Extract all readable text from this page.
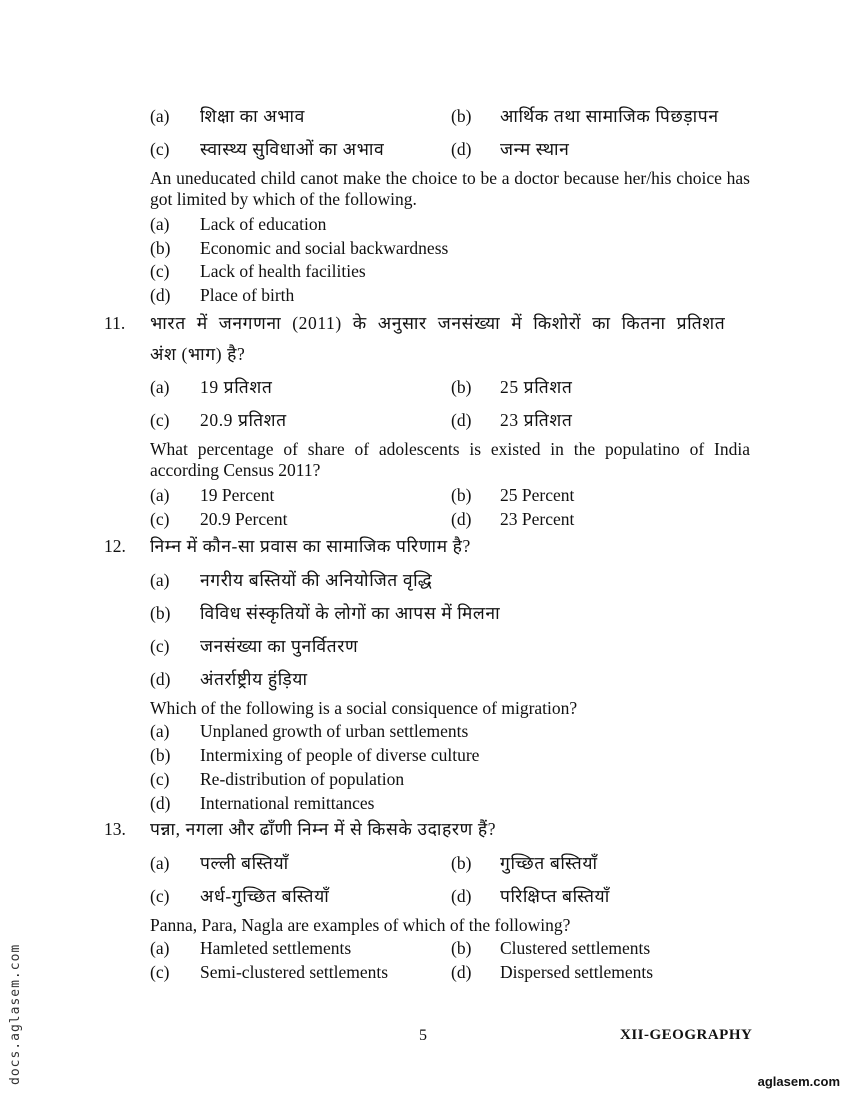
(a) शिक्षा का अभाव	(b) आर्थिक तथा सामाजिक पिछड़ापन
(c) स्वास्थ्य सुविधाओं का अभाव	(d) जन्म स्थान
An uneducated child canot make the choice to be a doctor because her/his choice has got limited by which of the following.
(a) Lack of education
(b) Economic and social backwardness
(c) Lack of health facilities
(d) Place of birth
11. भारत में जनगणना (2011) के अनुसार जनसंख्या में किशोरों का कितना प्रतिशत
अंश (भाग) है?
(a) 19 प्रतिशत	(b) 25 प्रतिशत
(c) 20.9 प्रतिशत	(d) 23 प्रतिशत
What percentage of share of adolescents is existed in the populatino of India according Census 2011?
(a) 19 Percent	(b) 25 Percent
(c) 20.9 Percent	(d) 23 Percent
12. निम्न में कौन-सा प्रवास का सामाजिक परिणाम है?
(a) नगरीय बस्तियों की अनियोजित वृद्धि
(b) विविध संस्कृतियों के लोगों का आपस में मिलना
(c) जनसंख्या का पुनर्वितरण
(d) अंतर्राष्ट्रीय हुंड़िया
Which of the following is a social consiquence of migration?
(a) Unplaned growth of urban settlements
(b) Intermixing of people of diverse culture
(c) Re-distribution of population
(d) International remittances
13. पन्ना, नगला और ढाँणी निम्न में से किसके उदाहरण हैं?
(a) पल्ली बस्तियाँ	(b) गुच्छित बस्तियाँ
(c) अर्ध-गुच्छित बस्तियाँ	(d) परिक्षिप्त बस्तियाँ
Panna, Para, Nagla are examples of which of the following?
(a) Hamleted settlements	(b) Clustered settlements
(c) Semi-clustered settlements	(d) Dispersed settlements
5	XII-GEOGRAPHY
docs.aglasem.com	aglasem.com
